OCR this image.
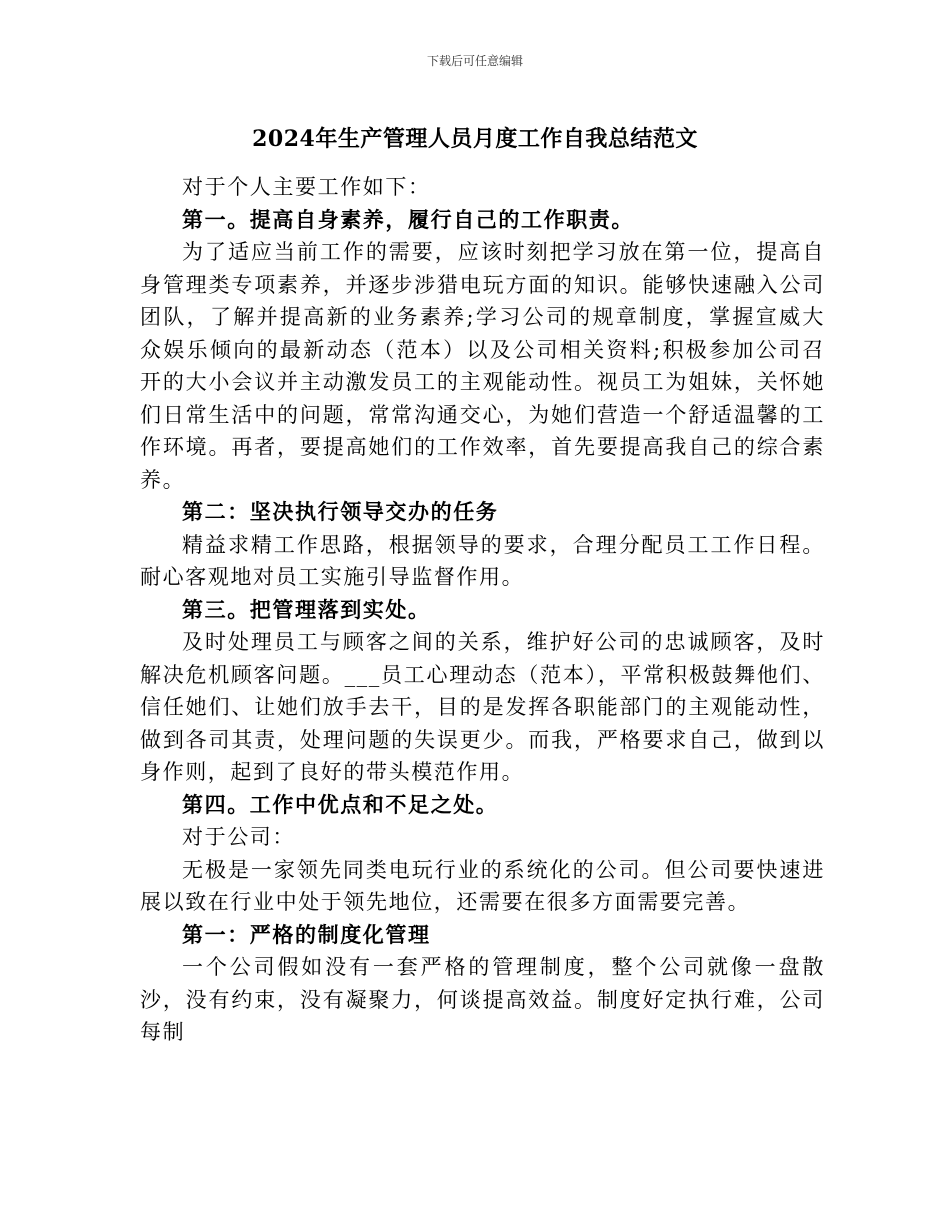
下载后可任意编辑
2024年生产管理人员月度工作自我总结范文

对于个人主要工作如下：

第一。提高自身素养，履行自己的工作职责。

为了适应当前工作的需要，应该时刻把学习放在第一位，提高自身管理类专项素养，并逐步涉猎电玩方面的知识。能够快速融入公司团队，了解并提高新的业务素养;学习公司的规章制度，掌握宣威大众娱乐倾向的最新动态（范本）以及公司相关资料;积极参加公司召开的大小会议并主动激发员工的主观能动性。视员工为姐妹，关怀她们日常生活中的问题，常常沟通交心，为她们营造一个舒适温馨的工作环境。再者，要提高她们的工作效率，首先要提高我自己的综合素养。

第二：坚决执行领导交办的任务

精益求精工作思路，根据领导的要求，合理分配员工工作日程。耐心客观地对员工实施引导监督作用。

第三。把管理落到实处。

及时处理员工与顾客之间的关系，维护好公司的忠诚顾客，及时解决危机顾客问题。___员工心理动态（范本），平常积极鼓舞他们、信任她们、让她们放手去干，目的是发挥各职能部门的主观能动性，做到各司其责，处理问题的失误更少。而我，严格要求自己，做到以身作则，起到了良好的带头模范作用。

第四。工作中优点和不足之处。

对于公司：

无极是一家领先同类电玩行业的系统化的公司。但公司要快速进展以致在行业中处于领先地位，还需要在很多方面需要完善。

第一：严格的制度化管理

一个公司假如没有一套严格的管理制度，整个公司就像一盘散沙，没有约束，没有凝聚力，何谈提高效益。制度好定执行难，公司每制
